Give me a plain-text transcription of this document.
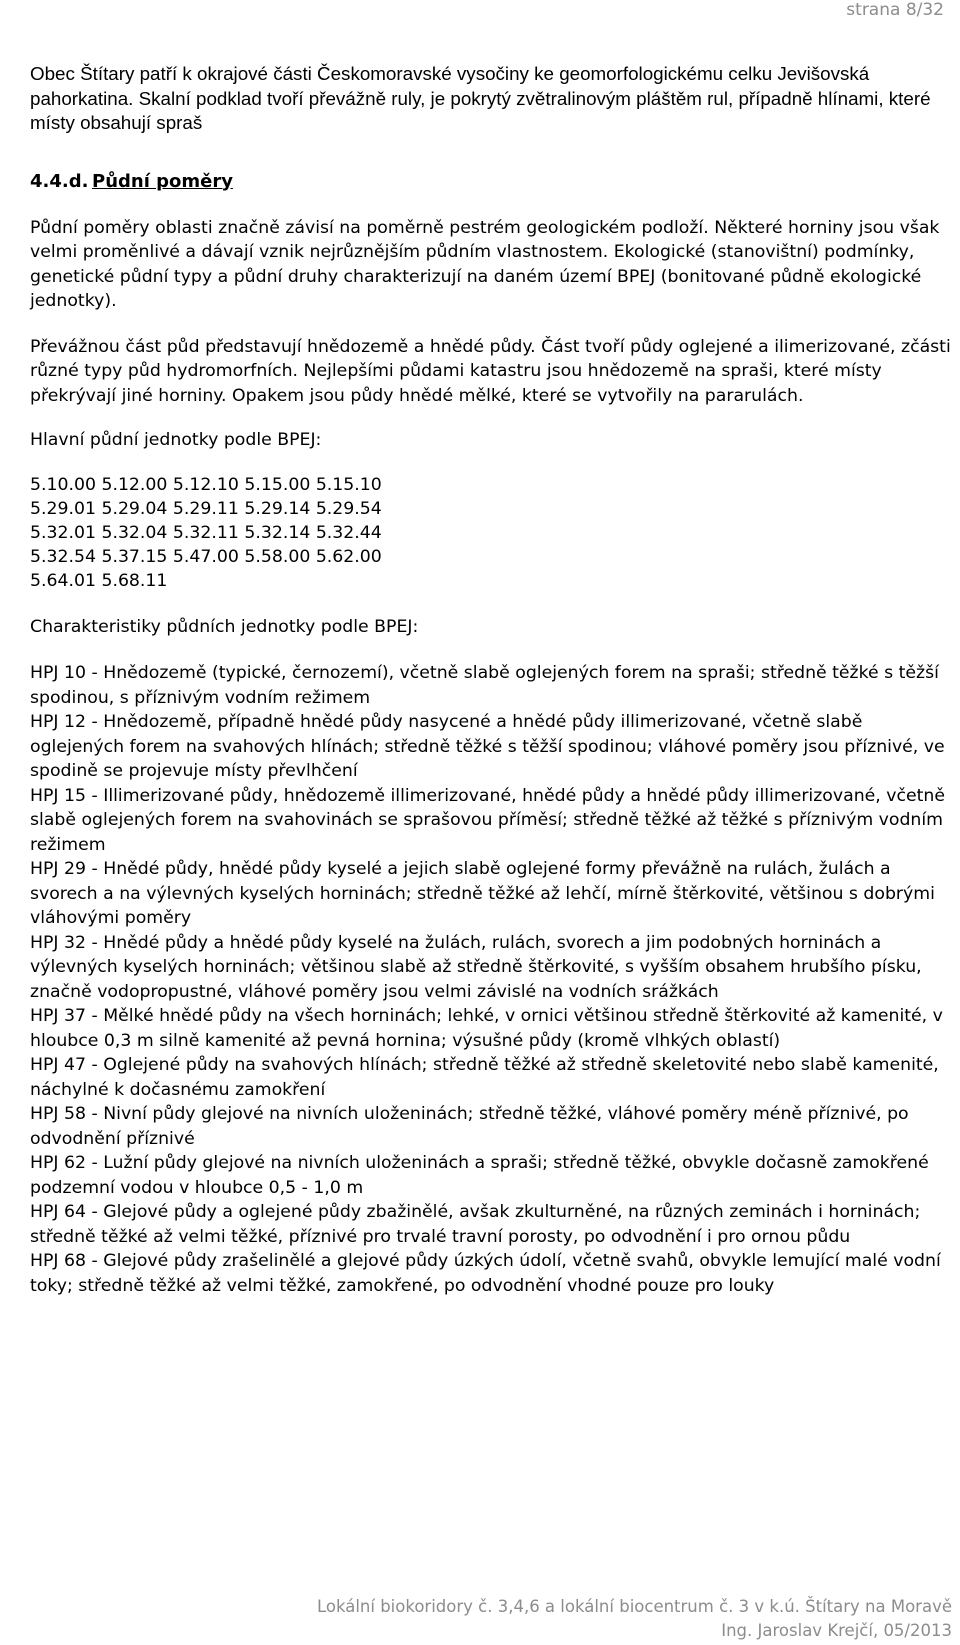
strana 8/32

Obec Štítary patří k okrajové části Českomoravské vysočiny ke geomorfologickému celku Jevišovská pahorkatina. Skalní podklad tvoří převážně ruly, je pokrytý zvětralinovým pláštěm rul, případně hlínami, které místy obsahují spraš

4.4.d. Půdní poměry

Půdní poměry oblasti značně závisí na poměrně pestrém geologickém podloží. Některé horniny jsou však velmi proměnlivé a dávají vznik nejrůznějším půdním vlastnostem. Ekologické (stanovištní) podmínky, genetické půdní typy a půdní druhy charakterizují na daném území BPEJ (bonitované půdně ekologické jednotky).

Převážnou část půd představují hnědozemě a hnědé půdy. Část tvoří půdy oglejené a ilimerizované, zčásti různé typy půd hydromorfních. Nejlepšími půdami katastru jsou hnědozemě na spraši, které místy překrývají jiné horniny. Opakem jsou půdy hnědé mělké, které se vytvořily na pararulách.

Hlavní půdní jednotky podle BPEJ:

5.10.00 5.12.00 5.12.10 5.15.00 5.15.10
5.29.01 5.29.04 5.29.11 5.29.14 5.29.54
5.32.01 5.32.04 5.32.11 5.32.14 5.32.44
5.32.54 5.37.15 5.47.00 5.58.00 5.62.00
5.64.01 5.68.11

Charakteristiky půdních jednotky podle BPEJ:

HPJ 10 - Hnědozemě (typické, černozemí), včetně slabě oglejených forem na spraši; středně těžké s těžší spodinou, s příznivým vodním režimem

HPJ 12 - Hnědozemě, případně hnědé půdy nasycené a hnědé půdy illimerizované, včetně slabě oglejených forem na svahových hlínách; středně těžké s těžší spodinou; vláhové poměry jsou příznivé, ve spodině se projevuje místy převlhčení

HPJ 15 - Illimerizované půdy, hnědozemě illimerizované, hnědé půdy a hnědé půdy illimerizované, včetně slabě oglejených forem na svahovinách se sprašovou příměsí; středně těžké až těžké s příznivým vodním režimem

HPJ 29 - Hnědé půdy, hnědé půdy kyselé a jejich slabě oglejené formy převážně na rulách, žulách a svorech a na výlevných kyselých horninách; středně těžké až lehčí, mírně štěrkovité, většinou s dobrými vláhovými poměry

HPJ 32 - Hnědé půdy a hnědé půdy kyselé na žulách, rulách, svorech a jim podobných horninách a výlevných kyselých horninách; většinou slabě až středně štěrkovité, s vyšším obsahem hrubšího písku, značně vodopropustné, vláhové poměry jsou velmi závislé na vodních srážkách

HPJ 37 - Mělké hnědé půdy na všech horninách; lehké, v ornici většinou středně štěrkovité až kamenité, v hloubce 0,3 m silně kamenité až pevná hornina; výsušné půdy (kromě vlhkých oblastí)

HPJ 47 - Oglejené půdy na svahových hlínách; středně těžké až středně skeletovité nebo slabě kamenité, náchylné k dočasnému zamokření

HPJ 58 - Nivní půdy glejové na nivních uloženinách; středně těžké, vláhové poměry méně příznivé, po odvodnění příznivé

HPJ 62 - Lužní půdy glejové na nivních uloženinách a spraši; středně těžké, obvykle dočasně zamokřené podzemní vodou v hloubce 0,5 - 1,0 m

HPJ 64 - Glejové půdy a oglejené půdy zbažinělé, avšak zkulturněné, na různých zeminách i horninách; středně těžké až velmi těžké, příznivé pro trvalé travní porosty, po odvodnění i pro ornou půdu

HPJ 68 - Glejové půdy zrašelinělé a glejové půdy úzkých údolí, včetně svahů, obvykle lemující malé vodní toky; středně těžké až velmi těžké, zamokřené, po odvodnění vhodné pouze pro louky

Lokální biokoridory č. 3,4,6 a lokální biocentrum č. 3 v k.ú. Štítary na Moravě
Ing. Jaroslav Krejčí, 05/2013
